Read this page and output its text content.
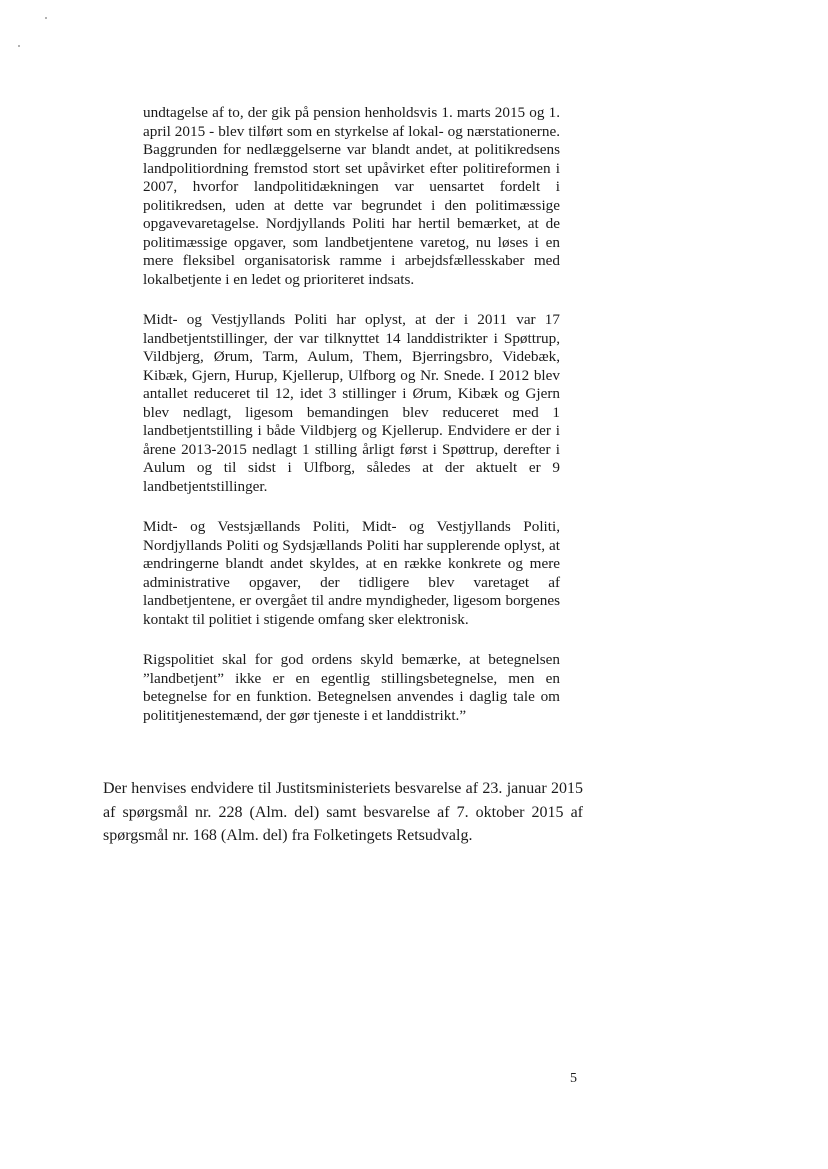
undtagelse af to, der gik på pension henholdsvis 1. marts 2015 og 1. april 2015 - blev tilført som en styrkelse af lokal- og nærstationerne. Baggrunden for nedlæggelserne var blandt andet, at politikredsens landpolitiordning fremstod stort set upåvirket efter politireformen i 2007, hvorfor landpolitidækningen var uensartet fordelt i politikredsen, uden at dette var begrundet i den politimæssige opgavevaretagelse. Nordjyllands Politi har hertil bemærket, at de politimæssige opgaver, som landbetjentene varetog, nu løses i en mere fleksibel organisatorisk ramme i arbejdsfællesskaber med lokalbetjente i en ledet og prioriteret indsats.

Midt- og Vestjyllands Politi har oplyst, at der i 2011 var 17 landbetjentstillinger, der var tilknyttet 14 landdistrikter i Spøttrup, Vildbjerg, Ørum, Tarm, Aulum, Them, Bjerringsbro, Videbæk, Kibæk, Gjern, Hurup, Kjellerup, Ulfborg og Nr. Snede. I 2012 blev antallet reduceret til 12, idet 3 stillinger i Ørum, Kibæk og Gjern blev nedlagt, ligesom bemandingen blev reduceret med 1 landbetjentstilling i både Vildbjerg og Kjellerup. Endvidere er der i årene 2013-2015 nedlagt 1 stilling årligt først i Spøttrup, derefter i Aulum og til sidst i Ulfborg, således at der aktuelt er 9 landbetjentstillinger.

Midt- og Vestsjællands Politi, Midt- og Vestjyllands Politi, Nordjyllands Politi og Sydsjællands Politi har supplerende oplyst, at ændringerne blandt andet skyldes, at en række konkrete og mere administrative opgaver, der tidligere blev varetaget af landbetjentene, er overgået til andre myndigheder, ligesom borgenes kontakt til politiet i stigende omfang sker elektronisk.

Rigspolitiet skal for god ordens skyld bemærke, at betegnelsen ”landbetjent” ikke er en egentlig stillingsbetegnelse, men en betegnelse for en funktion. Betegnelsen anvendes i daglig tale om polititjenestemænd, der gør tjeneste i et landdistrikt.”

Der henvises endvidere til Justitsministeriets besvarelse af 23. januar 2015 af spørgsmål nr. 228 (Alm. del) samt besvarelse af 7. oktober 2015 af spørgsmål nr. 168 (Alm. del) fra Folketingets Retsudvalg.

5
